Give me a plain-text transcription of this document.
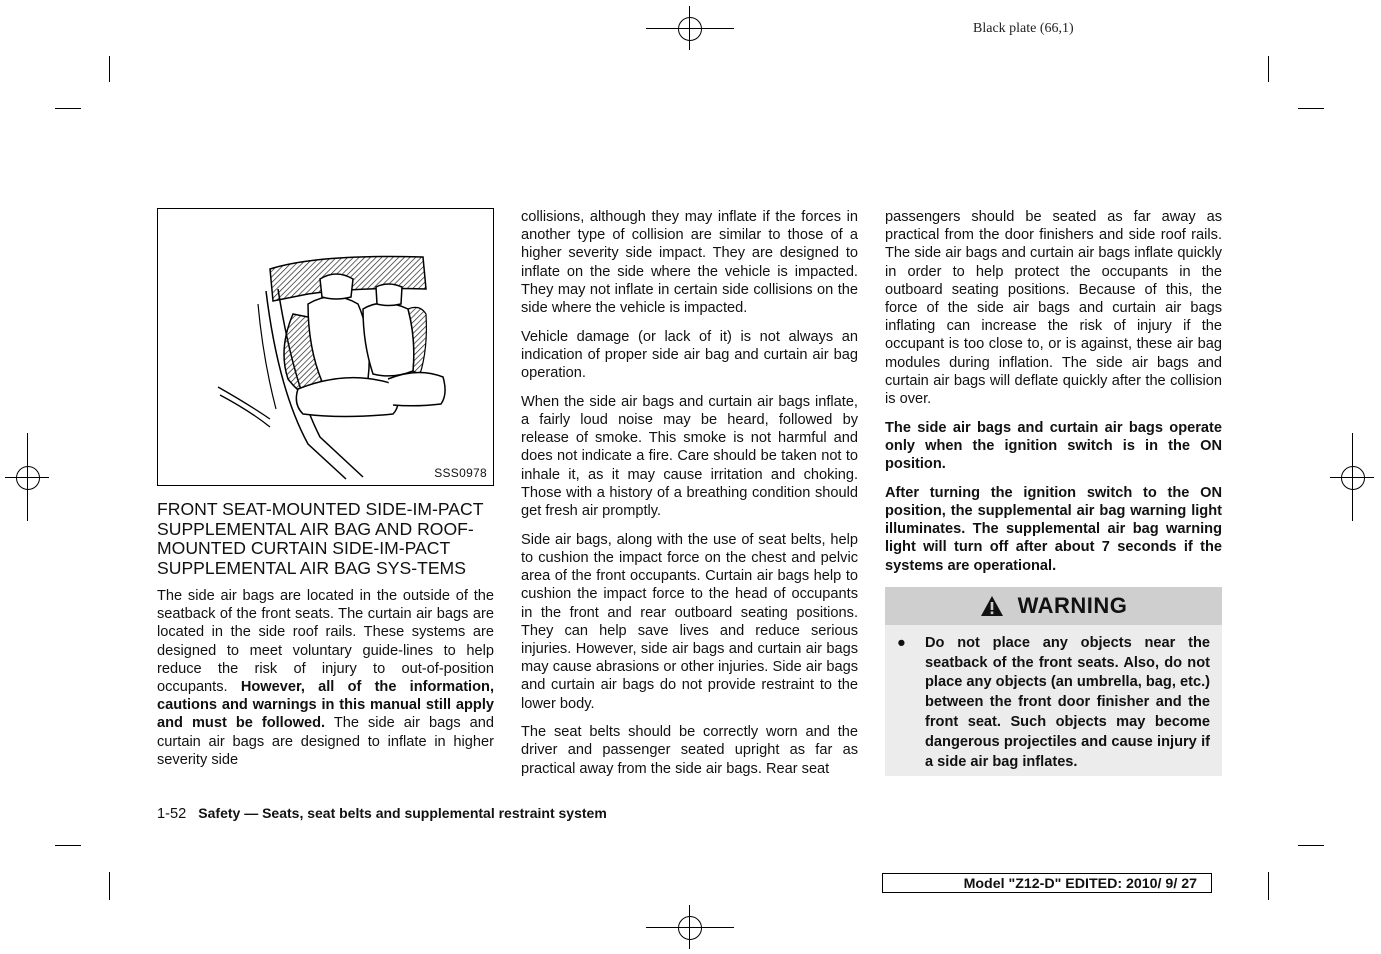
Black plate (66,1)
SSS0978
FRONT SEAT-MOUNTED SIDE-IM-PACT SUPPLEMENTAL AIR BAG AND ROOF-MOUNTED CURTAIN SIDE-IM-PACT SUPPLEMENTAL AIR BAG SYS-TEMS

The side air bags are located in the outside of the seatback of the front seats. The curtain air bags are located in the side roof rails. These systems are designed to meet voluntary guide-lines to help reduce the risk of injury to out-of-position occupants. However, all of the information, cautions and warnings in this manual still apply and must be followed. The side air bags and curtain air bags are designed to inflate in higher severity side

collisions, although they may inflate if the forces in another type of collision are similar to those of a higher severity side impact. They are designed to inflate on the side where the vehicle is impacted. They may not inflate in certain side collisions on the side where the vehicle is impacted.

Vehicle damage (or lack of it) is not always an indication of proper side air bag and curtain air bag operation.

When the side air bags and curtain air bags inflate, a fairly loud noise may be heard, followed by release of smoke. This smoke is not harmful and does not indicate a fire. Care should be taken not to inhale it, as it may cause irritation and choking. Those with a history of a breathing condition should get fresh air promptly.

Side air bags, along with the use of seat belts, help to cushion the impact force on the chest and pelvic area of the front occupants. Curtain air bags help to cushion the impact force to the head of occupants in the front and rear outboard seating positions. They can help save lives and reduce serious injuries. However, side air bags and curtain air bags may cause abrasions or other injuries. Side air bags and curtain air bags do not provide restraint to the lower body.

The seat belts should be correctly worn and the driver and passenger seated upright as far as practical away from the side air bags. Rear seat

passengers should be seated as far away as practical from the door finishers and side roof rails. The side air bags and curtain air bags inflate quickly in order to help protect the occupants in the outboard seating positions. Because of this, the force of the side air bags and curtain air bags inflating can increase the risk of injury if the occupant is too close to, or is against, these air bag modules during inflation. The side air bags and curtain air bags will deflate quickly after the collision is over.

The side air bags and curtain air bags operate only when the ignition switch is in the ON position.

After turning the ignition switch to the ON position, the supplemental air bag warning light illuminates. The supplemental air bag warning light will turn off after about 7 seconds if the systems are operational.

WARNING
●	Do not place any objects near the seatback of the front seats. Also, do not place any objects (an umbrella, bag, etc.) between the front door finisher and the front seat. Such objects may become dangerous projectiles and cause injury if a side air bag inflates.
1-52 Safety — Seats, seat belts and supplemental restraint system
Model "Z12-D" EDITED: 2010/ 9/ 27
